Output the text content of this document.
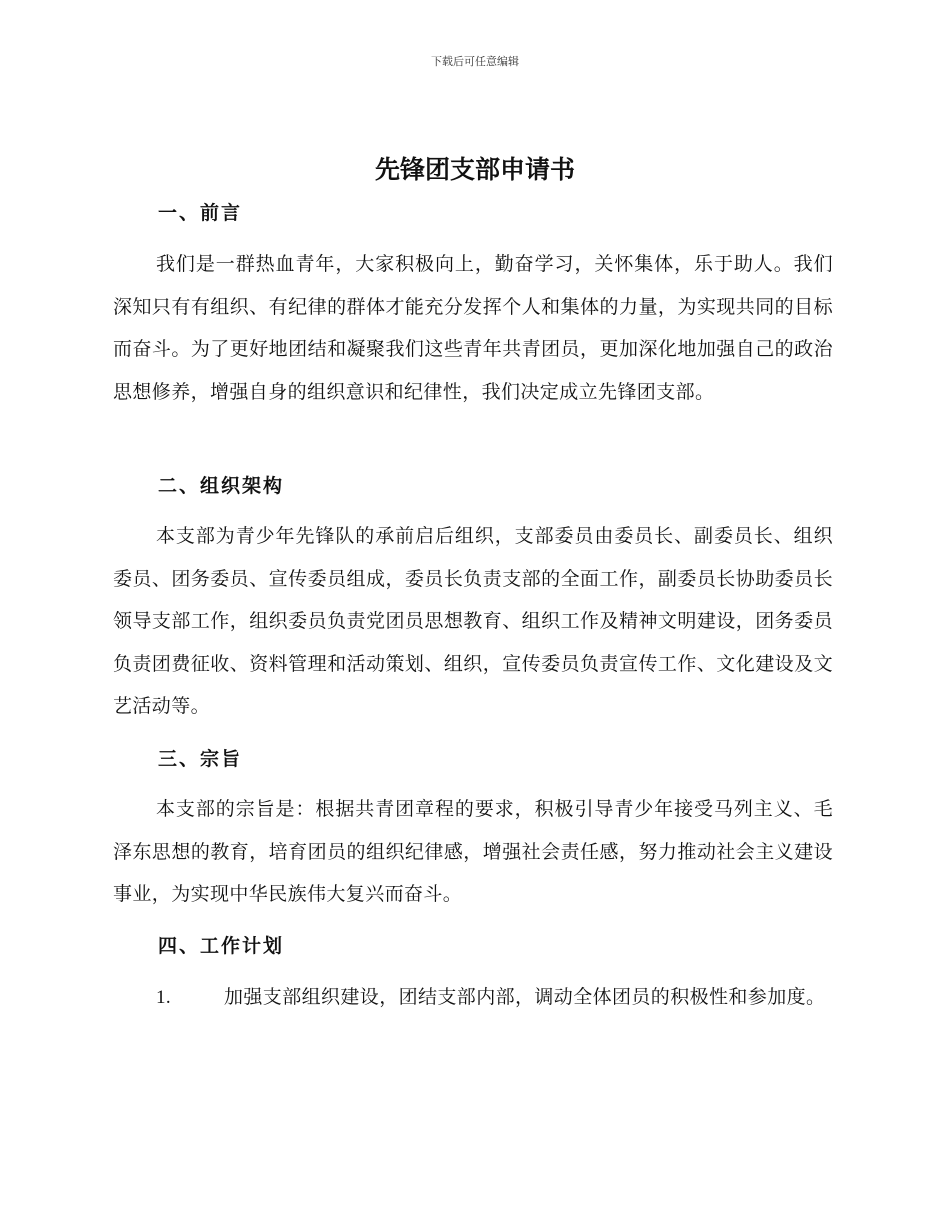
下载后可任意编辑
先锋团支部申请书
一、前言

我们是一群热血青年，大家积极向上，勤奋学习，关怀集体，乐于助人。我们深知只有有组织、有纪律的群体才能充分发挥个人和集体的力量，为实现共同的目标而奋斗。为了更好地团结和凝聚我们这些青年共青团员，更加深化地加强自己的政治思想修养，增强自身的组织意识和纪律性，我们决定成立先锋团支部。

二、组织架构

本支部为青少年先锋队的承前启后组织，支部委员由委员长、副委员长、组织委员、团务委员、宣传委员组成，委员长负责支部的全面工作，副委员长协助委员长领导支部工作，组织委员负责党团员思想教育、组织工作及精神文明建设，团务委员负责团费征收、资料管理和活动策划、组织，宣传委员负责宣传工作、文化建设及文艺活动等。

三、宗旨

本支部的宗旨是：根据共青团章程的要求，积极引导青少年接受马列主义、毛泽东思想的教育，培育团员的组织纪律感，增强社会责任感，努力推动社会主义建设事业，为实现中华民族伟大复兴而奋斗。

四、工作计划

1.	加强支部组织建设，团结支部内部，调动全体团员的积极性和参加度。
